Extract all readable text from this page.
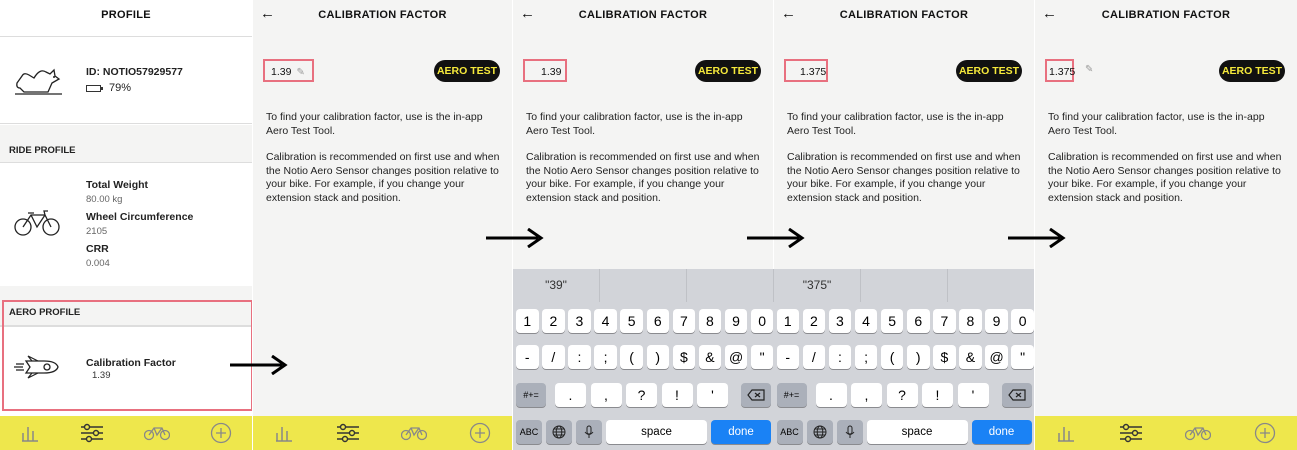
PROFILE
ID: NOTIO57929577
79%
RIDE PROFILE
Total Weight
80.00 kg
Wheel Circumference
2105
CRR
0.004
AERO PROFILE
Calibration Factor
1.39
←	CALIBRATION FACTOR
1.39 ✎	AERO TEST
To find your calibration factor, use is the in-app Aero Test Tool.
Calibration is recommended on first use and when the Notio Aero Sensor changes position relative to your bike. For example, if you change your extension stack and position.
←	CALIBRATION FACTOR
1.39	AERO TEST
To find your calibration factor, use is the in-app Aero Test Tool.
Calibration is recommended on first use and when the Notio Aero Sensor changes position relative to your bike. For example, if you change your extension stack and position.
←	CALIBRATION FACTOR
1.375	AERO TEST
To find your calibration factor, use is the in-app Aero Test Tool.
Calibration is recommended on first use and when the Notio Aero Sensor changes position relative to your bike. For example, if you change your extension stack and position.
←	CALIBRATION FACTOR
1.375 ✎	AERO TEST
To find your calibration factor, use is the in-app Aero Test Tool.
Calibration is recommended on first use and when the Notio Aero Sensor changes position relative to your bike. For example, if you change your extension stack and position.
"39"	"375"
1	2	3	4	5	6	7	8	9	0
-	/	:	;	(	)	$	&	@	"
#+=	.	,	?	!	'
ABC	space	done
1	2	3	4	5	6	7	8	9	0
-	/	:	;	(	)	$	&	@	"
#+=	.	,	?	!	'
ABC	space	done
